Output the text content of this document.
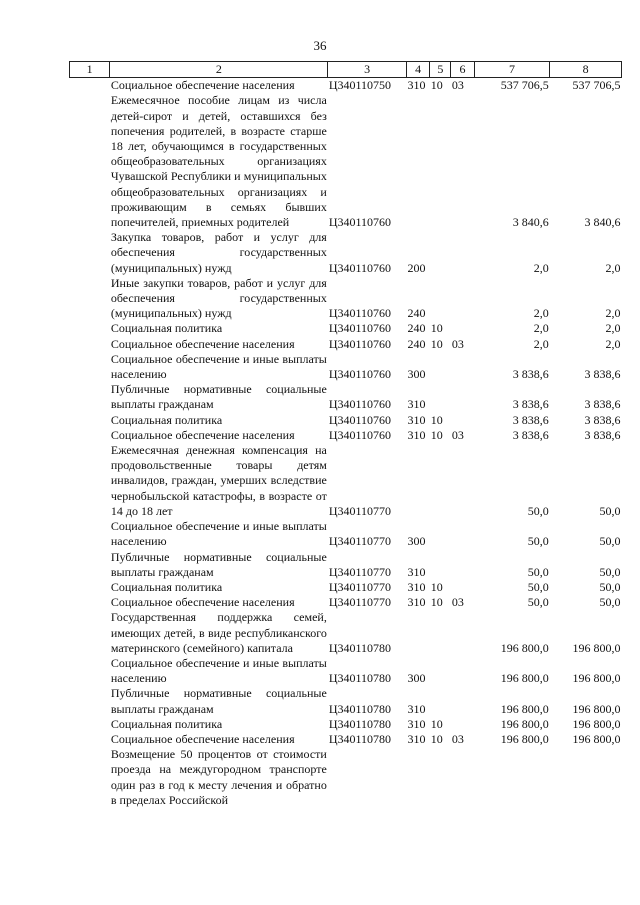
36
1	2	3	4	5	6	7	8
	Социальное обеспечение населения	Ц340110750	310	10	03	537 706,5	537 706,5
	Ежемесячное пособие лицам из числа детей-сирот и детей, оставшихся без попечения родителей, в возрасте старше 18 лет, обучающимся в государственных общеобразовательных организациях Чувашской Республики и муниципальных общеобразовательных организациях и проживающим в семьях бывших попечителей, приемных родителей	Ц340110760				3 840,6	3 840,6
	Закупка товаров, работ и услуг для обеспечения государственных (муниципальных) нужд	Ц340110760	200			2,0	2,0
	Иные закупки товаров, работ и услуг для обеспечения государственных (муниципальных) нужд	Ц340110760	240			2,0	2,0
	Социальная политика	Ц340110760	240	10		2,0	2,0
	Социальное обеспечение населения	Ц340110760	240	10	03	2,0	2,0
	Социальное обеспечение и иные выплаты населению	Ц340110760	300			3 838,6	3 838,6
	Публичные нормативные социальные выплаты гражданам	Ц340110760	310			3 838,6	3 838,6
	Социальная политика	Ц340110760	310	10		3 838,6	3 838,6
	Социальное обеспечение населения	Ц340110760	310	10	03	3 838,6	3 838,6
	Ежемесячная денежная компенсация на продовольственные товары детям инвалидов, граждан, умерших вследствие чернобыльской катастрофы, в возрасте от 14 до 18 лет	Ц340110770				50,0	50,0
	Социальное обеспечение и иные выплаты населению	Ц340110770	300			50,0	50,0
	Публичные нормативные социальные выплаты гражданам	Ц340110770	310			50,0	50,0
	Социальная политика	Ц340110770	310	10		50,0	50,0
	Социальное обеспечение населения	Ц340110770	310	10	03	50,0	50,0
	Государственная поддержка семей, имеющих детей, в виде республиканского материнского (семейного) капитала	Ц340110780				196 800,0	196 800,0
	Социальное обеспечение и иные выплаты населению	Ц340110780	300			196 800,0	196 800,0
	Публичные нормативные социальные выплаты гражданам	Ц340110780	310			196 800,0	196 800,0
	Социальная политика	Ц340110780	310	10		196 800,0	196 800,0
	Социальное обеспечение населения	Ц340110780	310	10	03	196 800,0	196 800,0
	Возмещение 50 процентов от стоимости проезда на междугородном транспорте один раз в год к месту лечения и обратно в пределах Российской						
